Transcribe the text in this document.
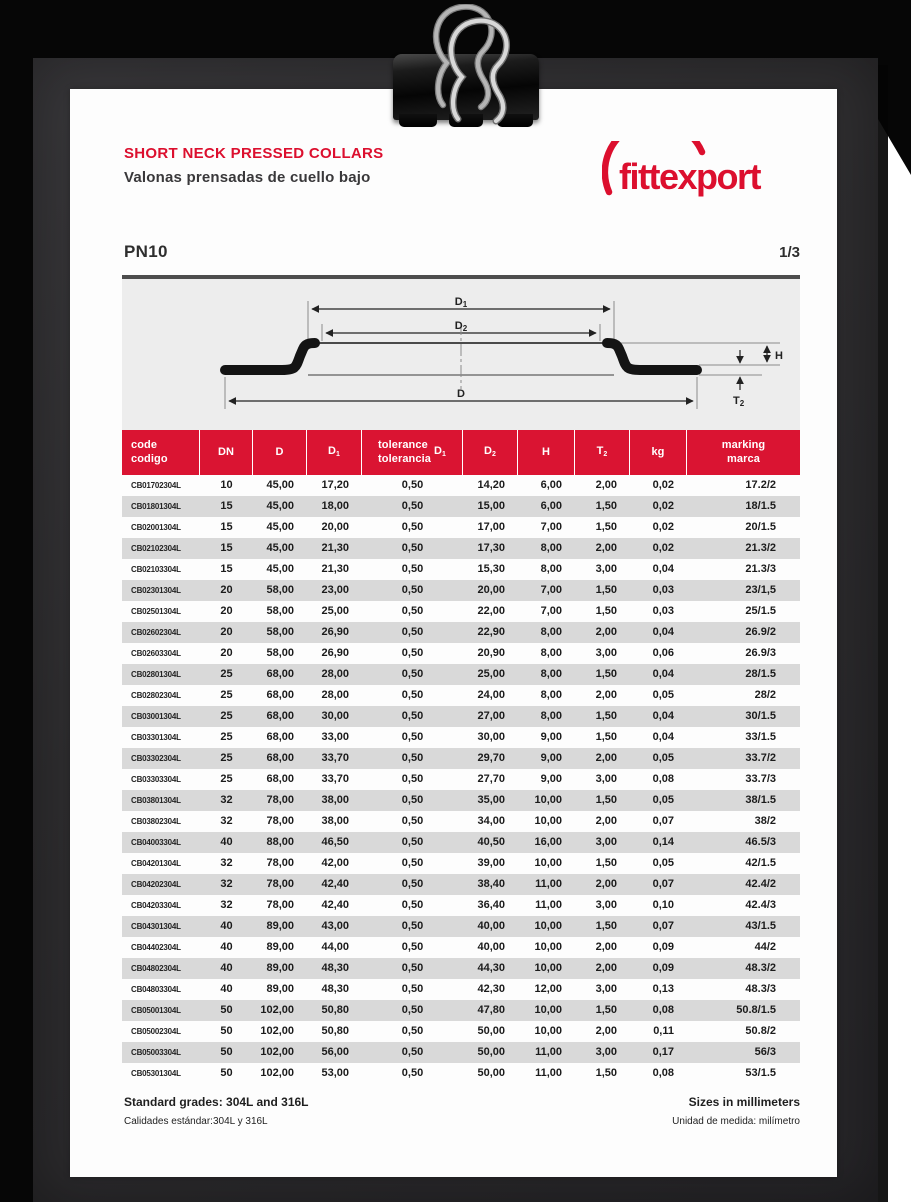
SHORT NECK PRESSED COLLARS
Valonas prensadas de cuello bajo	fittexport
PN10	1/3
D1
D2
D
H
T2
code
codigo
DN	D	$D_1$
tolerance
tolerancia
$D_1$	$D_2$	H	$T_2$	kg
marking
marca
CB01702304L	10	45,00	17,20	0,50	14,20	6,00	2,00	0,02	17.2/2
CB01801304L	15	45,00	18,00	0,50	15,00	6,00	1,50	0,02	18/1.5
CB02001304L	15	45,00	20,00	0,50	17,00	7,00	1,50	0,02	20/1.5
CB02102304L	15	45,00	21,30	0,50	17,30	8,00	2,00	0,02	21.3/2
CB02103304L	15	45,00	21,30	0,50	15,30	8,00	3,00	0,04	21.3/3
CB02301304L	20	58,00	23,00	0,50	20,00	7,00	1,50	0,03	23/1,5
CB02501304L	20	58,00	25,00	0,50	22,00	7,00	1,50	0,03	25/1.5
CB02602304L	20	58,00	26,90	0,50	22,90	8,00	2,00	0,04	26.9/2
CB02603304L	20	58,00	26,90	0,50	20,90	8,00	3,00	0,06	26.9/3
CB02801304L	25	68,00	28,00	0,50	25,00	8,00	1,50	0,04	28/1.5
CB02802304L	25	68,00	28,00	0,50	24,00	8,00	2,00	0,05	28/2
CB03001304L	25	68,00	30,00	0,50	27,00	8,00	1,50	0,04	30/1.5
CB03301304L	25	68,00	33,00	0,50	30,00	9,00	1,50	0,04	33/1.5
CB03302304L	25	68,00	33,70	0,50	29,70	9,00	2,00	0,05	33.7/2
CB03303304L	25	68,00	33,70	0,50	27,70	9,00	3,00	0,08	33.7/3
CB03801304L	32	78,00	38,00	0,50	35,00	10,00	1,50	0,05	38/1.5
CB03802304L	32	78,00	38,00	0,50	34,00	10,00	2,00	0,07	38/2
CB04003304L	40	88,00	46,50	0,50	40,50	16,00	3,00	0,14	46.5/3
CB04201304L	32	78,00	42,00	0,50	39,00	10,00	1,50	0,05	42/1.5
CB04202304L	32	78,00	42,40	0,50	38,40	11,00	2,00	0,07	42.4/2
CB04203304L	32	78,00	42,40	0,50	36,40	11,00	3,00	0,10	42.4/3
CB04301304L	40	89,00	43,00	0,50	40,00	10,00	1,50	0,07	43/1.5
CB04402304L	40	89,00	44,00	0,50	40,00	10,00	2,00	0,09	44/2
CB04802304L	40	89,00	48,30	0,50	44,30	10,00	2,00	0,09	48.3/2
CB04803304L	40	89,00	48,30	0,50	42,30	12,00	3,00	0,13	48.3/3
CB05001304L	50	102,00	50,80	0,50	47,80	10,00	1,50	0,08	50.8/1.5
CB05002304L	50	102,00	50,80	0,50	50,00	10,00	2,00	0,11	50.8/2
CB05003304L	50	102,00	56,00	0,50	50,00	11,00	3,00	0,17	56/3
CB05301304L	50	102,00	53,00	0,50	50,00	11,00	1,50	0,08	53/1.5
Standard grades: 304L and 316L
Calidades estándar:304L y 316L
Sizes in millimeters
Unidad de medida: milímetro
